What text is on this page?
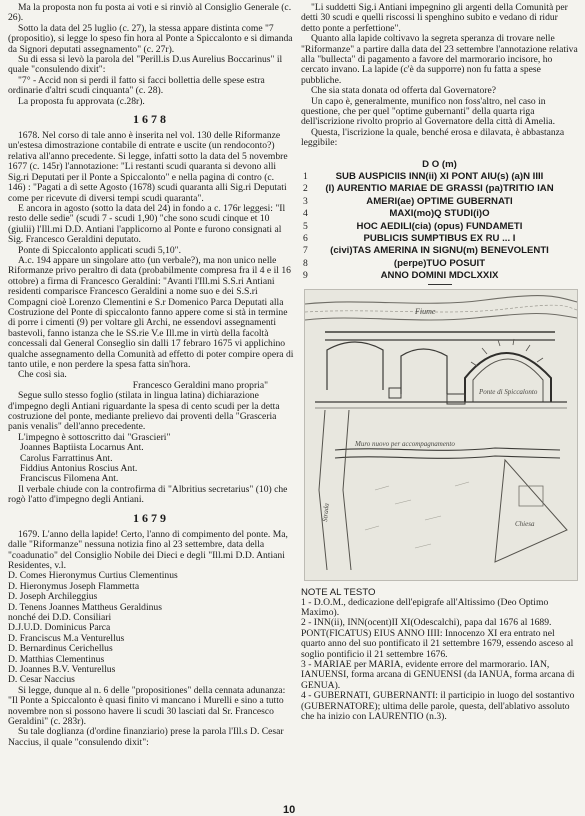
Ma la proposta non fu posta ai voti e si rinviò al Consiglio Generale (c. 26).

Sotto la data del 25 luglio (c. 27), la stessa appare distinta come "7 (propositio), si legge lo speso fin hora al Ponte a Spiccalonto e si dimanda da Signori deputati assegnamento" (c. 27r).

Su di essa si levò la parola del "Perill.is D.us Aurelius Boccarinus" il quale "consulendo dixit":

"7° - Accid non si perdi il fatto si facci bollettia delle spese estra ordinarie d'altri scudi cinquanta" (c. 28).

La proposta fu approvata (c.28r).

1678

1678. Nel corso di tale anno è inserita nel vol. 130 delle Riformanze un'estesa dimostrazione contabile di entrate e uscite (un rendoconto?) relativa all'anno precedente. Si legge, infatti sotto la data del 5 novembre 1677 (c. 145r) l'annotazione: "Li restanti scudi quaranta si devono alli Sig.ri Deputati per il Ponte a Spiccalonto" e nella pagina di contro (c. 146) : "Pagati a dì sette Agosto (1678) scudi quaranta alli Sig.ri Deputati come per ricevute di diversi tempi scudi quaranta".

E ancora in agosto (sotto la data del 24) in fondo a c. 176r leggesi: "Il resto delle sedie" (scudi 7 - scudi 1,90) "che sono scudi cinque et 10 (giulii) l'Ill.mi D.D. Antiani l'applicorno al Ponte e furono consignati al Sig. Francesco Geraldini deputato.

Ponte di Spiccalonto applicati scudi 5,10".

A.c. 194 appare un singolare atto (un verbale?), ma non unico nelle Riformanze privo peraltro di data (probabilmente compresa fra il 4 e il 16 ottobre) a firma di Francesco Geraldini: "Avanti l'Ill.mi S.S.ri Antiani residenti comparisce Francesco Geraldini a nome suo e dei S.S.ri Compagni cioè Lorenzo Clementini e S.r Domenico Parca Deputati alla Costruzione del Ponte di spiccalonto fanno appere come si stà in termine di porre i cimenti (9) per voltare gli Archi, ne essendovi assegnamenti bastevoli, fanno istanza che le SS.rie V.e Ill.me in virtù della facoltà concessali dal General Conseglio sin dalli 17 febraro 1675 vi applichino qualche assegnamento della Comunità ad effetto di poter compire opera di tanto utile, e non perdere la spesa fatta sin'hora.

Che così sia.

Francesco Geraldini mano propria"

Segue sullo stesso foglio (stilata in lingua latina) dichiarazione d'impegno degli Antiani riguardante la spesa di cento scudi per la detta costruzione del ponte, mediante prelievo dai proventi della "Grasceria panis venalis" dell'anno precedente.

L'impegno è sottoscritto dai "Grascieri"

Joannes Baptiista Locarnus Ant.

Carolus Farrattinus Ant.

Fiddius Antonius Roscius Ant.

Franciscus Filomena Ant.

Il verbale chiude con la controfirma di "Albritius secretarius" (10) che rogò l'atto d'impegno degli Antiani.

1679

1679. L'anno della lapide! Certo, l'anno di compimento del ponte. Ma, dalle "Riformanze" nessuna notizia fino al 23 settembre, data della "coadunatio" del Consiglio Nobile dei Dieci e degli "Ill.mi D.D. Antiani Residentes, v.l.

D. Comes Hieronymus Curtius Clementinus

D. Hieronymus Joseph Flammetta

D. Joseph Archileggius

D. Tenens Joannes Mattheus Geraldinus

nonché dei D.D. Consiliari

D.J.U.D. Dominicus Parca

D. Franciscus M.a Venturellus

D. Bernardinus Cerichellus

D. Matthias Clementinus

D. Joannes B.V. Venturellus

D. Cesar Naccius

Si legge, dunque al n. 6 delle "propositiones" della cennata adunanza: "Il Ponte a Spiccalonto è quasi finito vi mancano i Murelli e sino a tutto novembre non si possono havere li scudi 30 lasciati dal Sr. Francesco Geraldini" (c. 283r).

Su tale doglianza (d'ordine finanziario) prese la parola l'Ill.s D. Cesar Naccius, il quale "consulendo dixit":

"Li suddetti Sig.i Antiani impegnino gli argenti della Comunità per detti 30 scudi e quelli riscossi li spenghino subito e vedano di ridur detto ponte a perfettione".

Quanto alla lapide coltivavo la segreta speranza di trovare nelle "Riformanze" a partire dalla data del 23 settembre l'annotazione relativa alla "bullecta" di pagamento a favore del marmorario incisore, ho cercato invano. La lapide (c'è da supporre) non fu fatta a spese pubbliche.

Che sia stata donata od offerta dal Governatore?

Un capo è, generalmente, munifico non foss'altro, nel caso in questione, che per quel "optime gubernanti" della quarta riga dell'iscrizione rivolto proprio al Governatore della città di Amelia.

Questa, l'iscrizione la quale, benché erosa e dilavata, è abbastanza leggibile:

D O (m)
1	SUB AUSPICIIS INN(ii) XI PONT AIU(s) (a)N IIII
2 (I) AURENTIO MARIAE DE GRASSI (pa)TRITIO IAN
3	AMERI(ae) OPTIME GUBERNATI
4	MAXI(mo)Q STUDI(i)O
5	HOC AEDILI(cia) (opus) FUNDAMETI
6	PUBLICIS SUMPTIBUS EX RU ... I
7 (civi)TAS AMERINA IN SIGNU(m) BENEVOLENTI
8	(perpe)TUO POSUIT
9	ANNO DOMINI MDCLXXIX
Fiume
Ponte di Spiccalonto
Muro nuovo per accompagnamento
Strada
Chiesa
NOTE AL TESTO

1 - D.O.M., dedicazione dell'epigrafe all'Altissimo (Deo Optimo Maximo).

2 - INN(ii), INN(ocent)II XI(Odescalchi), papa dal 1676 al 1689. PONT(FICATUS) EIUS ANNO IIII: Innocenzo XI era entrato nel quarto anno del suo pontificato il 21 settembre 1679, essendo asceso al soglio pontificio il 21 settembre 1676.

3 - MARIAE per MARIA, evidente errore del marmorario. IAN, IANUENSI, forma arcana di GENUENSI (da IANUA, forma arcana di GENUA).

4 - GUBERNATI, GUBERNANTI: il participio in luogo del sostantivo (GUBERNATORE); ultima delle parole, questa, dell'ablativo assoluto che ha inizio con LAURENTIO (n.3).

10
